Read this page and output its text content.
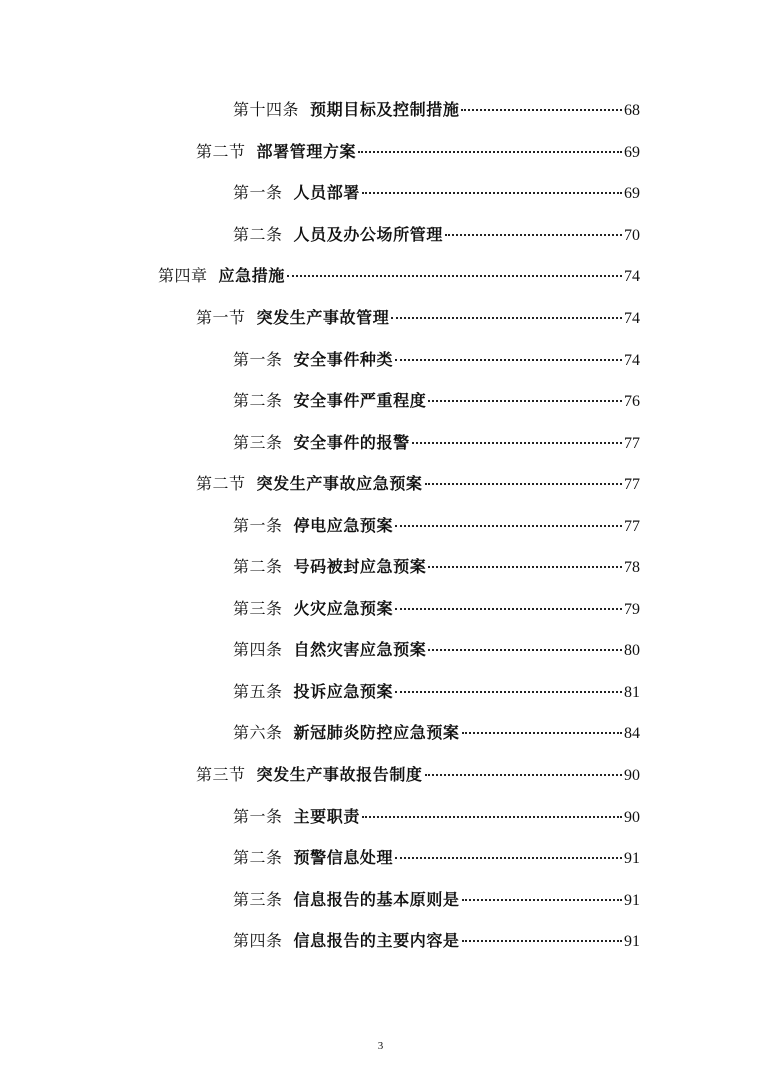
第十四条 预期目标及控制措施	68
第二节 部署管理方案	69
第一条 人员部署	69
第二条 人员及办公场所管理	70
第四章 应急措施	74
第一节 突发生产事故管理	74
第一条 安全事件种类	74
第二条 安全事件严重程度	76
第三条 安全事件的报警	77
第二节 突发生产事故应急预案	77
第一条 停电应急预案	77
第二条 号码被封应急预案	78
第三条 火灾应急预案	79
第四条 自然灾害应急预案	80
第五条 投诉应急预案	81
第六条 新冠肺炎防控应急预案	84
第三节 突发生产事故报告制度	90
第一条 主要职责	90
第二条 预警信息处理	91
第三条 信息报告的基本原则是	91
第四条 信息报告的主要内容是	91
3
